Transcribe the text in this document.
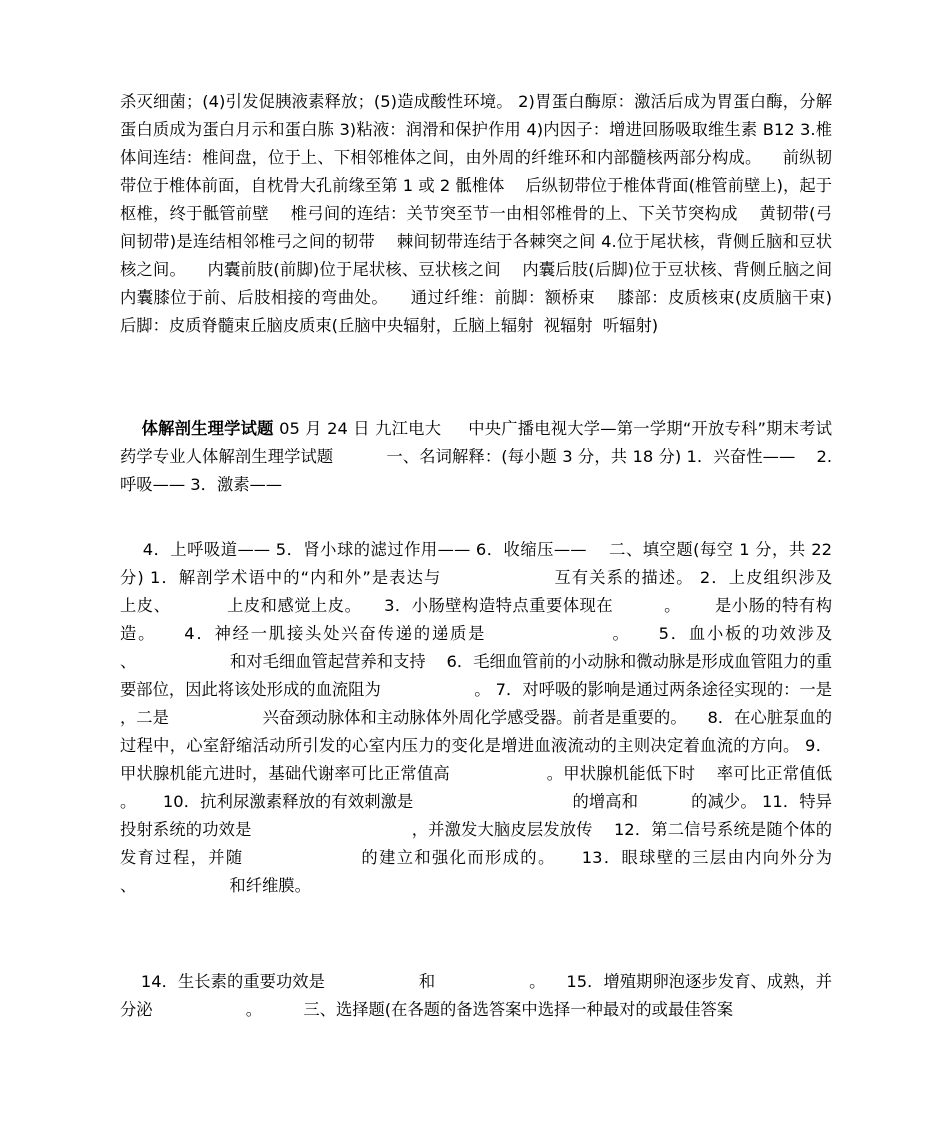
杀灭细菌；(4)引发促胰液素释放；(5)造成酸性环境。 2)胃蛋白酶原：激活后成为胃蛋白酶，分解蛋白质成为蛋白月示和蛋白胨 3)粘液：润滑和保护作用 4)内因子：增进回肠吸取维生素 B12 3.椎体间连结：椎间盘，位于上、下相邻椎体之间，由外周的纤维环和内部髓核两部分构成。    前纵韧带位于椎体前面，自枕骨大孔前缘至第 1 或 2 骶椎体    后纵韧带位于椎体背面(椎管前壁上)，起于枢椎，终于骶管前壁    椎弓间的连结：关节突至节一由相邻椎骨的上、下关节突构成    黄韧带(弓间韧带)是连结相邻椎弓之间的韧带    棘间韧带连结于各棘突之间 4.位于尾状核，背侧丘脑和豆状核之间。    内囊前肢(前脚)位于尾状核、豆状核之间    内囊后肢(后脚)位于豆状核、背侧丘脑之间    内囊膝位于前、后肢相接的弯曲处。    通过纤维：前脚：额桥束    膝部：皮质核束(皮质脑干束)    后脚：皮质脊髓束丘脑皮质束(丘脑中央辐射，丘脑上辐射  视辐射  听辐射)

体解剖生理学试题 05 月 24 日 九江电大     中央广播电视大学—第一学期“开放专科”期末考试 药学专业人体解剖生理学试题          一、名词解释：(每小题 3 分，共 18 分) 1．兴奋性——    2. 呼吸—— 3．激素——

4．上呼吸道—— 5．肾小球的滤过作用—— 6．收缩压——    二、填空题(每空 1 分，共 22 分) 1．解剖学术语中的“内和外”是表达与                  互有关系的描述。 2．上皮组织涉及          上皮、          上皮和感觉上皮。    3．小肠壁构造特点重要体现在         。      是小肠的特有构造。    4．神经一肌接头处兴奋传递的递质是                  。    5．血小板的功效涉及                  、                  和对毛细血管起营养和支持    6．毛细血管前的小动脉和微动脉是形成血管阻力的重要部位，因此将该处形成的血流阻为                  。 7．对呼吸的影响是通过两条途径实现的：一是                  ，二是                  兴奋颈动脉体和主动脉体外周化学感受器。前者是重要的。    8．在心脏泵血的过程中，心室舒缩活动所引发的心室内压力的变化是增进血液流动的主则决定着血流的方向。 9．甲状腺机能亢进时，基础代谢率可比正常值高                  。甲状腺机能低下时    率可比正常值低         。     10．抗利尿激素释放的有效刺激是                              的增高和          的减少。 11．特异投射系统的功效是                              ，并激发大脑皮层发放传    12．第二信号系统是随个体的发育过程，并随                  的建立和强化而形成的。    13．眼球壁的三层由内向外分为                  、                  和纤维膜。

14．生长素的重要功效是                  和                  。    15．增殖期卵泡逐步发育、成熟，并分泌                  。        三、选择题(在各题的备选答案中选择一种最对的或最佳答案
